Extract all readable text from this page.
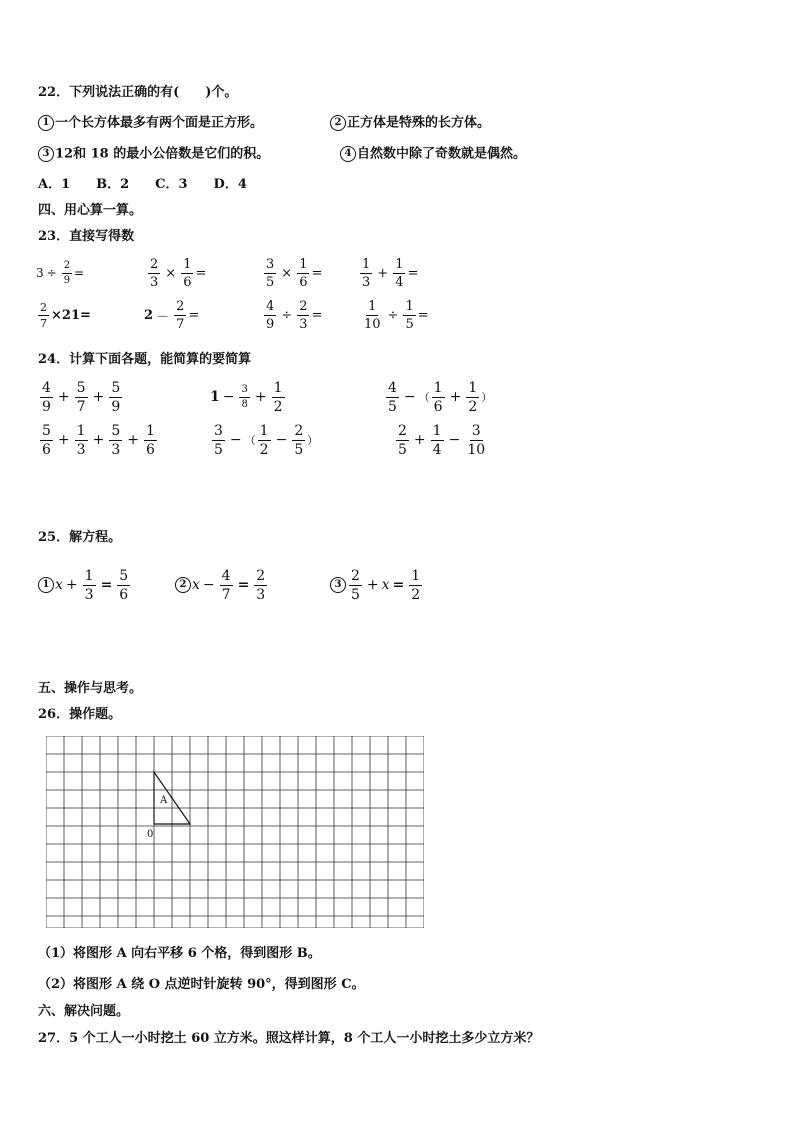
22．下列说法正确的有(　　)个。
1 一个长方体最多有两个面是正方形。	2 正方体是特殊的长方体。
3 12和 18 的最小公倍数是它们的积。	4 自然数中除了奇数就是偶然。
A．1　　B．2　　C．3　　D．4
四、用心算一算。
23．直接写得数
$3 \div \frac{2}{9}$ =	$\frac{2}{3} \times \frac{1}{6}$ =	$\frac{3}{5} \times \frac{1}{6}$ =	$\frac{1}{3} + \frac{1}{4}$ =
$\frac{2}{7} \times 21=$	$2 - \frac{2}{7}$ =	$\frac{4}{9} \div \frac{2}{3}$ =	$\frac{1}{10} \div \frac{1}{5}$ =
24．计算下面各题，能简算的要简算
$\frac{4}{9} + \frac{5}{7} + \frac{5}{9}$	$1 - \frac{3}{8} + \frac{1}{2}$	$\frac{4}{5}$ − （ $\frac{1}{6} + \frac{1}{2}$ ）
$\frac{5}{6} + \frac{1}{3} + \frac{5}{3} + \frac{1}{6}$	$\frac{3}{5}$ − （ $\frac{1}{2} - \frac{2}{5}$ ）	$\frac{2}{5} + \frac{1}{4} - \frac{3}{10}$
25．解方程。
1 $x + \frac{1}{3} = \frac{5}{6}$	2 $x - \frac{4}{7} = \frac{2}{3}$	$3 \frac{2}{5} + x = \frac{1}{2}$
五、操作与思考。
26．操作题。
A
0
（1）将图形 A 向右平移 6 个格，得到图形 B。
（2）将图形 A 绕 O 点逆时针旋转 90°，得到图形 C。
六、解决问题。
27．5 个工人一小时挖土 60 立方米。照这样计算，8 个工人一小时挖土多少立方米？
